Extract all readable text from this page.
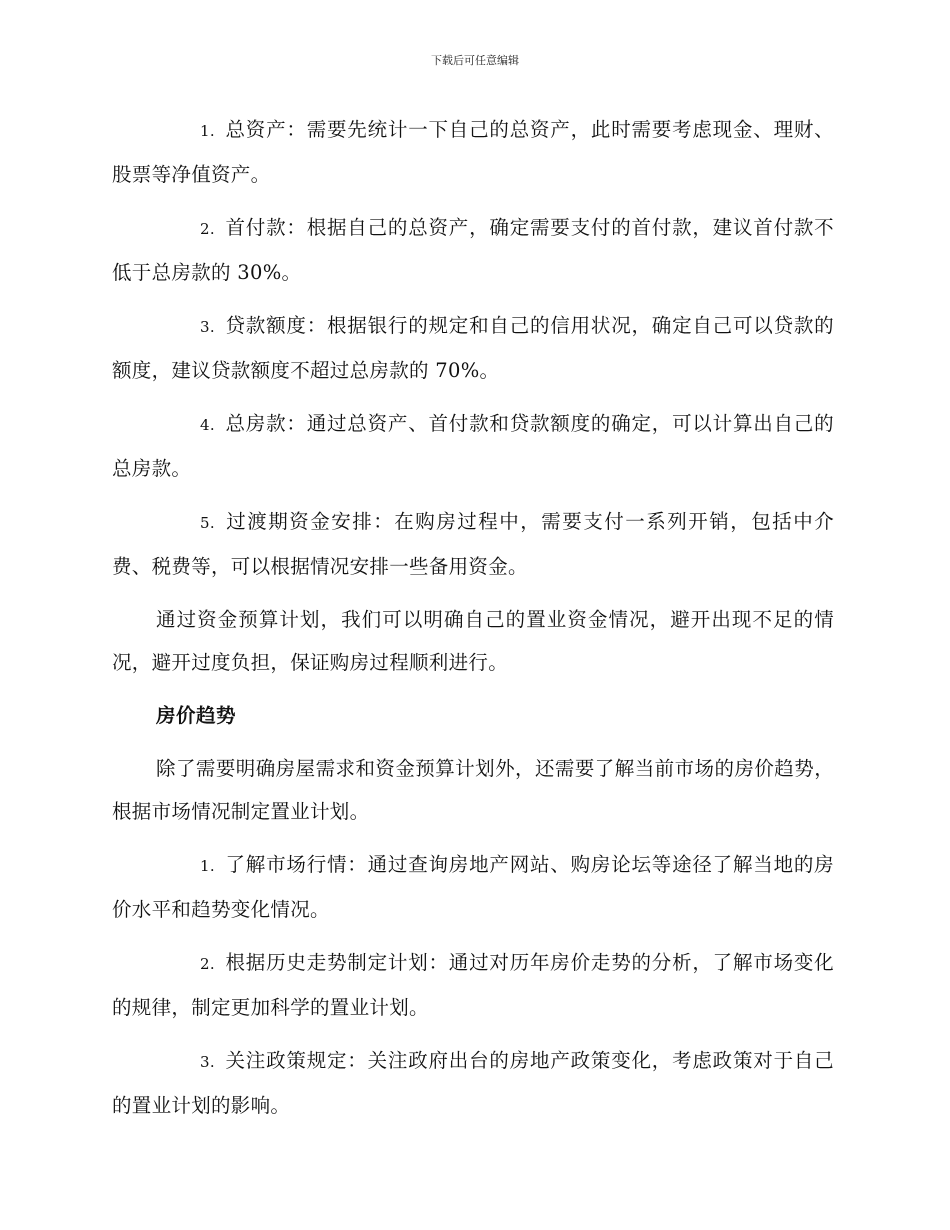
下载后可任意编辑

1. 总资产：需要先统计一下自己的总资产，此时需要考虑现金、理财、股票等净值资产。

2. 首付款：根据自己的总资产，确定需要支付的首付款，建议首付款不低于总房款的 30%。

3. 贷款额度：根据银行的规定和自己的信用状况，确定自己可以贷款的额度，建议贷款额度不超过总房款的 70%。

4. 总房款：通过总资产、首付款和贷款额度的确定，可以计算出自己的总房款。

5. 过渡期资金安排：在购房过程中，需要支付一系列开销，包括中介费、税费等，可以根据情况安排一些备用资金。

通过资金预算计划，我们可以明确自己的置业资金情况，避开出现不足的情况，避开过度负担，保证购房过程顺利进行。

房价趋势

除了需要明确房屋需求和资金预算计划外，还需要了解当前市场的房价趋势，根据市场情况制定置业计划。

1. 了解市场行情：通过查询房地产网站、购房论坛等途径了解当地的房价水平和趋势变化情况。

2. 根据历史走势制定计划：通过对历年房价走势的分析，了解市场变化的规律，制定更加科学的置业计划。

3. 关注政策规定：关注政府出台的房地产政策变化，考虑政策对于自己的置业计划的影响。
